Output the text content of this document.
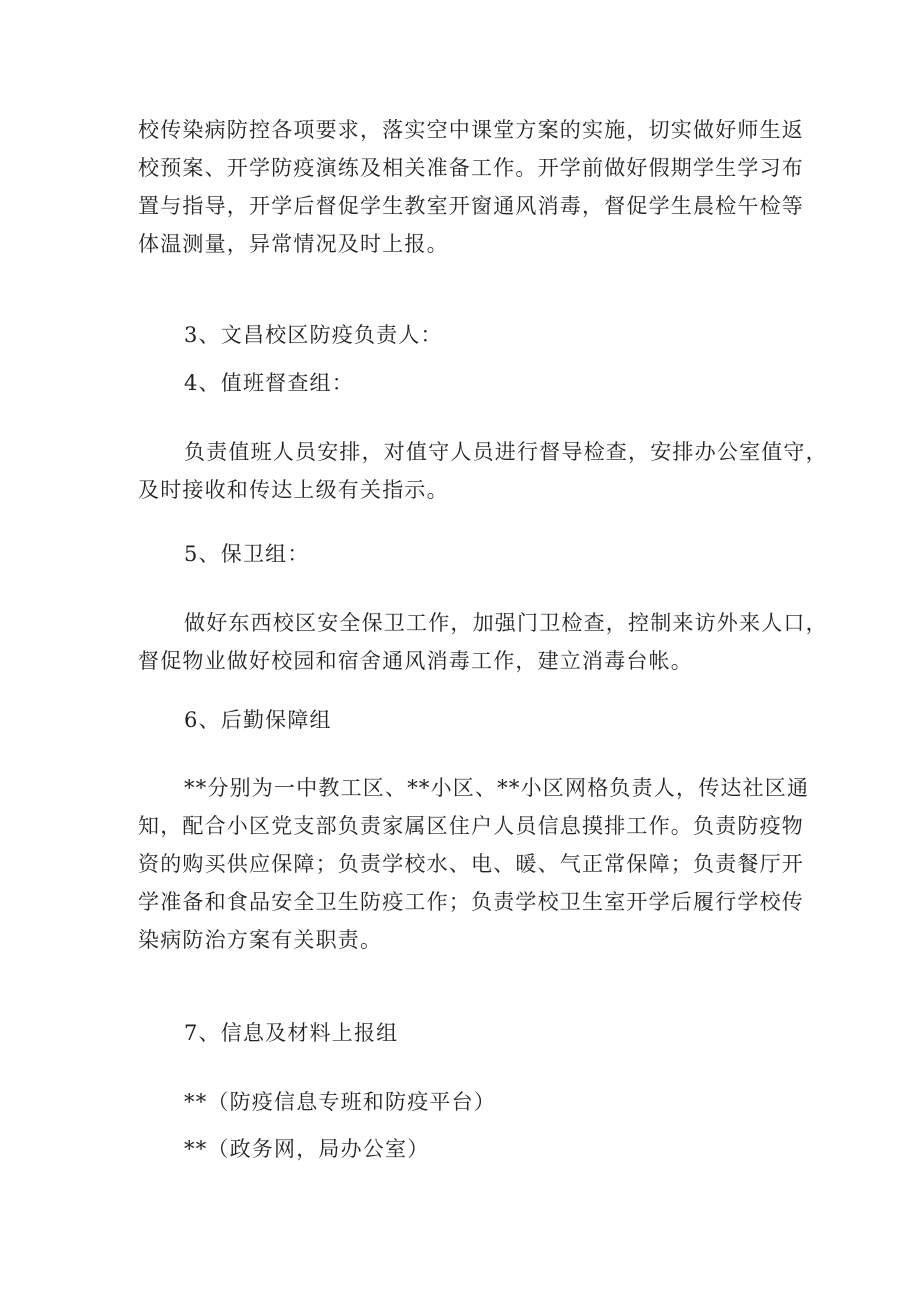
校传染病防控各项要求，落实空中课堂方案的实施，切实做好师生返
校预案、开学防疫演练及相关准备工作。开学前做好假期学生学习布
置与指导，开学后督促学生教室开窗通风消毒，督促学生晨检午检等
体温测量，异常情况及时上报。
3、文昌校区防疫负责人：
4、值班督查组：
负责值班人员安排，对值守人员进行督导检查，安排办公室值守，
及时接收和传达上级有关指示。
5、保卫组：
做好东西校区安全保卫工作，加强门卫检查，控制来访外来人口，
督促物业做好校园和宿舍通风消毒工作，建立消毒台帐。
6、后勤保障组
**分别为一中教工区、**小区、**小区网格负责人，传达社区通
知，配合小区党支部负责家属区住户人员信息摸排工作。负责防疫物
资的购买供应保障；负责学校水、电、暖、气正常保障；负责餐厅开
学准备和食品安全卫生防疫工作；负责学校卫生室开学后履行学校传
染病防治方案有关职责。
7、信息及材料上报组
**（防疫信息专班和防疫平台）
**（政务网，局办公室）
